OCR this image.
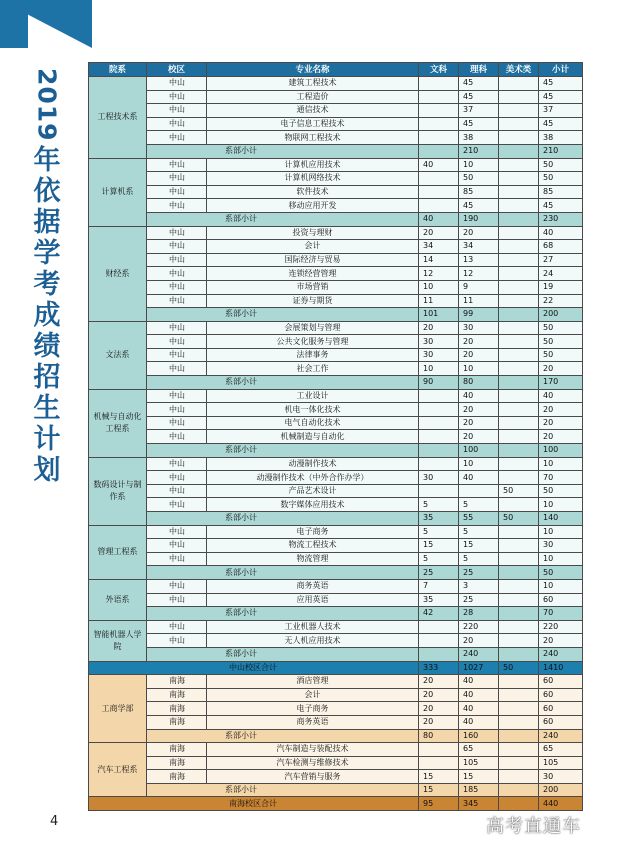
2019
年
依
据
学
考
成
绩
招
生
计
划
院系	校区	专业名称	文科	理科	美术类	小计
工程技术系	中山	建筑工程技术		45		45
	中山	工程造价		45		45
	中山	通信技术		37		37
	中山	电子信息工程技术		45		45
	中山	物联网工程技术		38		38
	系部小计			210		210
计算机系	中山	计算机应用技术	40	10		50
	中山	计算机网络技术		50		50
	中山	软件技术		85		85
	中山	移动应用开发		45		45
	系部小计		40	190		230
财经系	中山	投资与理财	20	20		40
	中山	会计	34	34		68
	中山	国际经济与贸易	14	13		27
	中山	连锁经营管理	12	12		24
	中山	市场营销	10	9		19
	中山	证券与期货	11	11		22
	系部小计		101	99		200
文法系	中山	会展策划与管理	20	30		50
	中山	公共文化服务与管理	30	20		50
	中山	法律事务	30	20		50
	中山	社会工作	10	10		20
	系部小计		90	80		170
机械与自动化工程系	中山	工业设计		40		40
	中山	机电一体化技术		20		20
	中山	电气自动化技术		20		20
	中山	机械制造与自动化		20		20
	系部小计			100		100
数码设计与制作系	中山	动漫制作技术		10		10
	中山	动漫制作技术（中外合作办学）	30	40		70
	中山	产品艺术设计			50	50
	中山	数字媒体应用技术	5	5		10
	系部小计		35	55	50	140
管理工程系	中山	电子商务	5	5		10
	中山	物流工程技术	15	15		30
	中山	物流管理	5	5		10
	系部小计		25	25		50
外语系	中山	商务英语	7	3		10
	中山	应用英语	35	25		60
	系部小计		42	28		70
智能机器人学院	中山	工业机器人技术		220		220
	中山	无人机应用技术		20		20
	系部小计			240		240
中山校区合计			333	1027	50	1410
工商学部	南海	酒店管理	20	40		60
	南海	会计	20	40		60
	南海	电子商务	20	40		60
	南海	商务英语	20	40		60
	系部小计		80	160		240
汽车工程系	南海	汽车制造与装配技术		65		65
	南海	汽车检测与维修技术		105		105
	南海	汽车营销与服务	15	15		30
	系部小计		15	185		200
南海校区合计			95	345		440
4	高考直通车
